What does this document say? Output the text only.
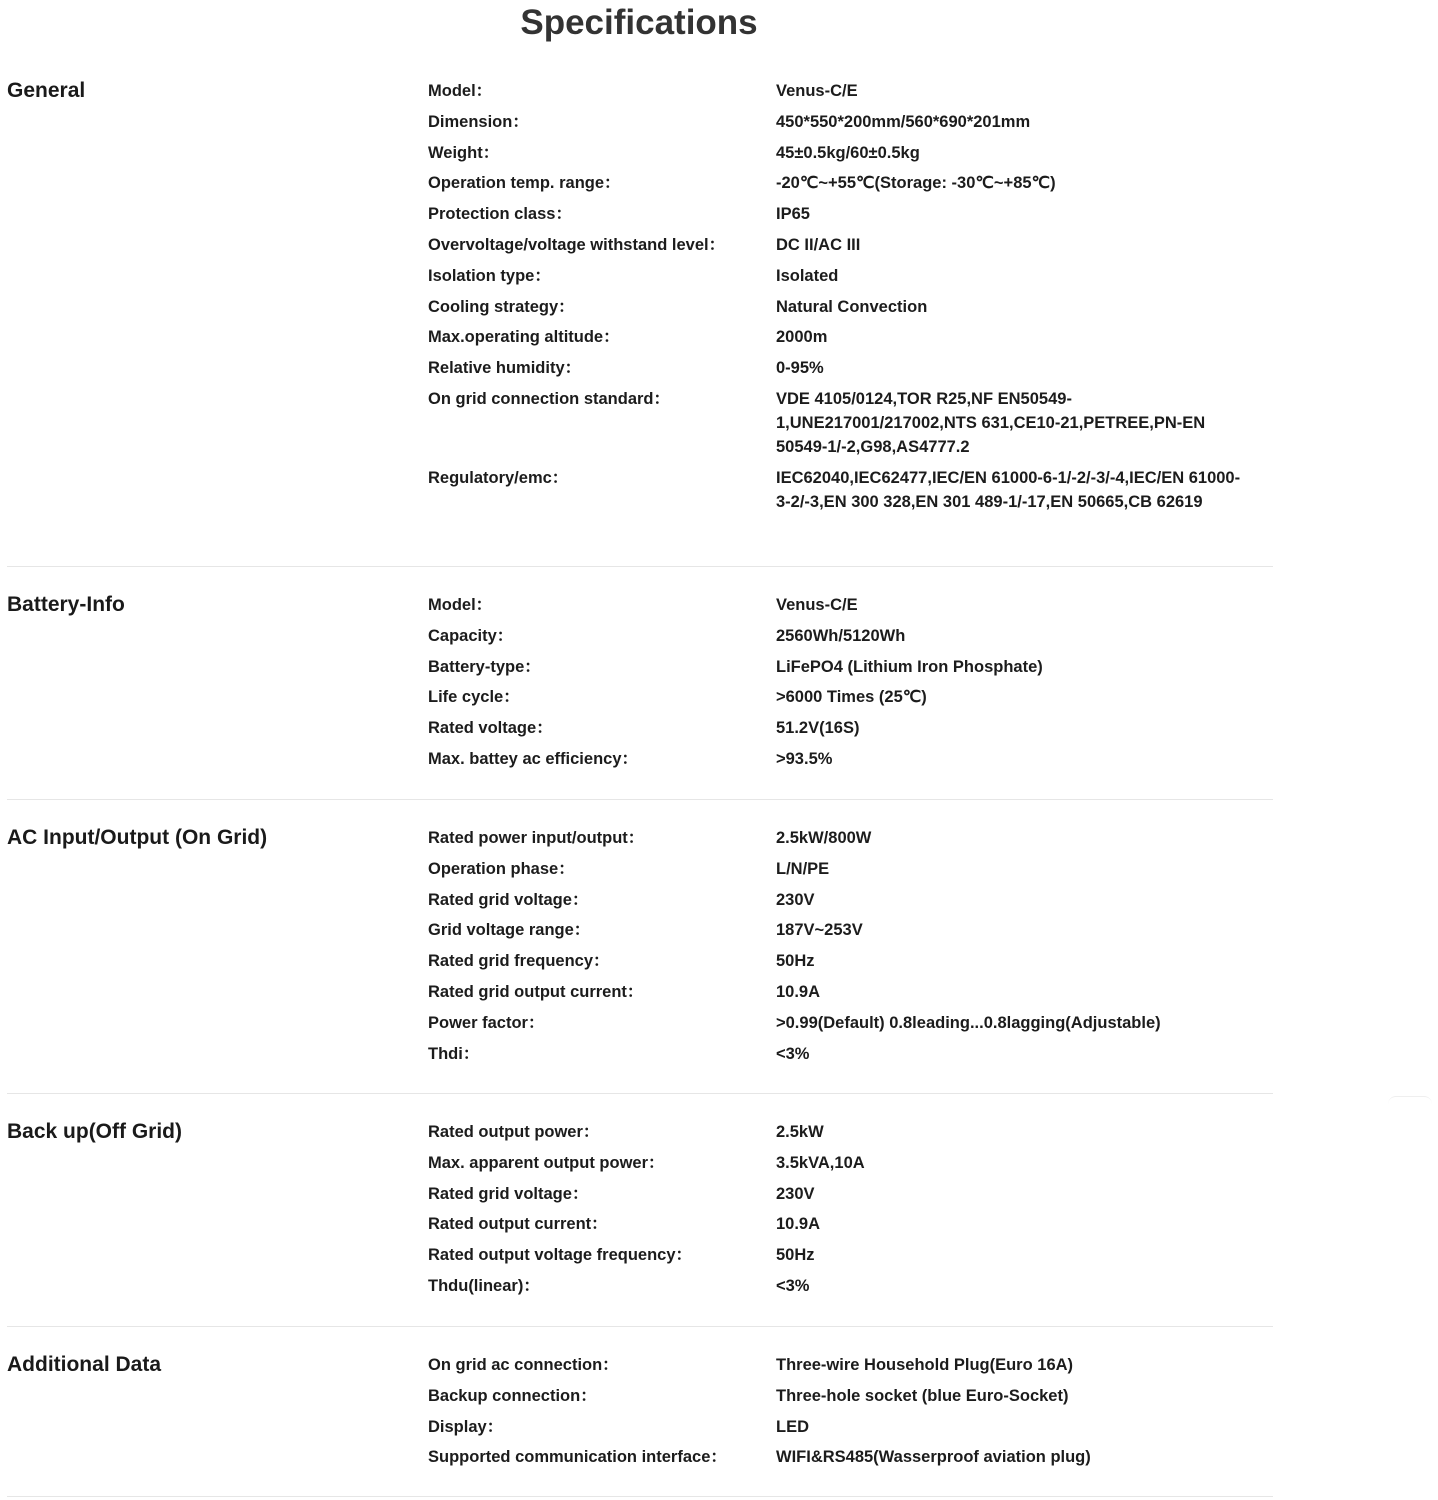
Specifications
General	Model：	Venus-C/E
Dimension：	450*550*200mm/560*690*201mm
Weight：	45±0.5kg/60±0.5kg
Operation temp. range：	-20℃~+55℃(Storage: -30℃~+85℃)
Protection class：	IP65
Overvoltage/voltage withstand level：	DC II/AC III
Isolation type：	Isolated
Cooling strategy：	Natural Convection
Max.operating altitude：	2000m
Relative humidity：	0-95%
On grid connection standard：	VDE 4105/0124,TOR R25,NF EN50549-1,UNE217001/217002,NTS 631,CE10-21,PETREE,PN-EN 50549-1/-2,G98,AS4777.2
Regulatory/emc：	IEC62040,IEC62477,IEC/EN 61000-6-1/-2/-3/-4,IEC/EN 61000-3-2/-3,EN 300 328,EN 301 489-1/-17,EN 50665,CB 62619
Battery-Info	Model：	Venus-C/E
Capacity：	2560Wh/5120Wh
Battery-type：	LiFePO4 (Lithium Iron Phosphate)
Life cycle：	>6000 Times (25℃)
Rated voltage：	51.2V(16S)
Max. battey ac efficiency：	>93.5%
AC Input/Output (On Grid)	Rated power input/output：	2.5kW/800W
Operation phase：	L/N/PE
Rated grid voltage：	230V
Grid voltage range：	187V~253V
Rated grid frequency：	50Hz
Rated grid output current：	10.9A
Power factor：	>0.99(Default) 0.8leading...0.8lagging(Adjustable)
Thdi：	<3%
Back up(Off Grid)	Rated output power：	2.5kW
Max. apparent output power：	3.5kVA,10A
Rated grid voltage：	230V
Rated output current：	10.9A
Rated output voltage frequency：	50Hz
Thdu(linear)：	<3%
Additional Data	On grid ac connection：	Three-wire Household Plug(Euro 16A)
Backup connection：	Three-hole socket (blue Euro-Socket)
Display：	LED
Supported communication interface：	WIFI&RS485(Wasserproof aviation plug)
